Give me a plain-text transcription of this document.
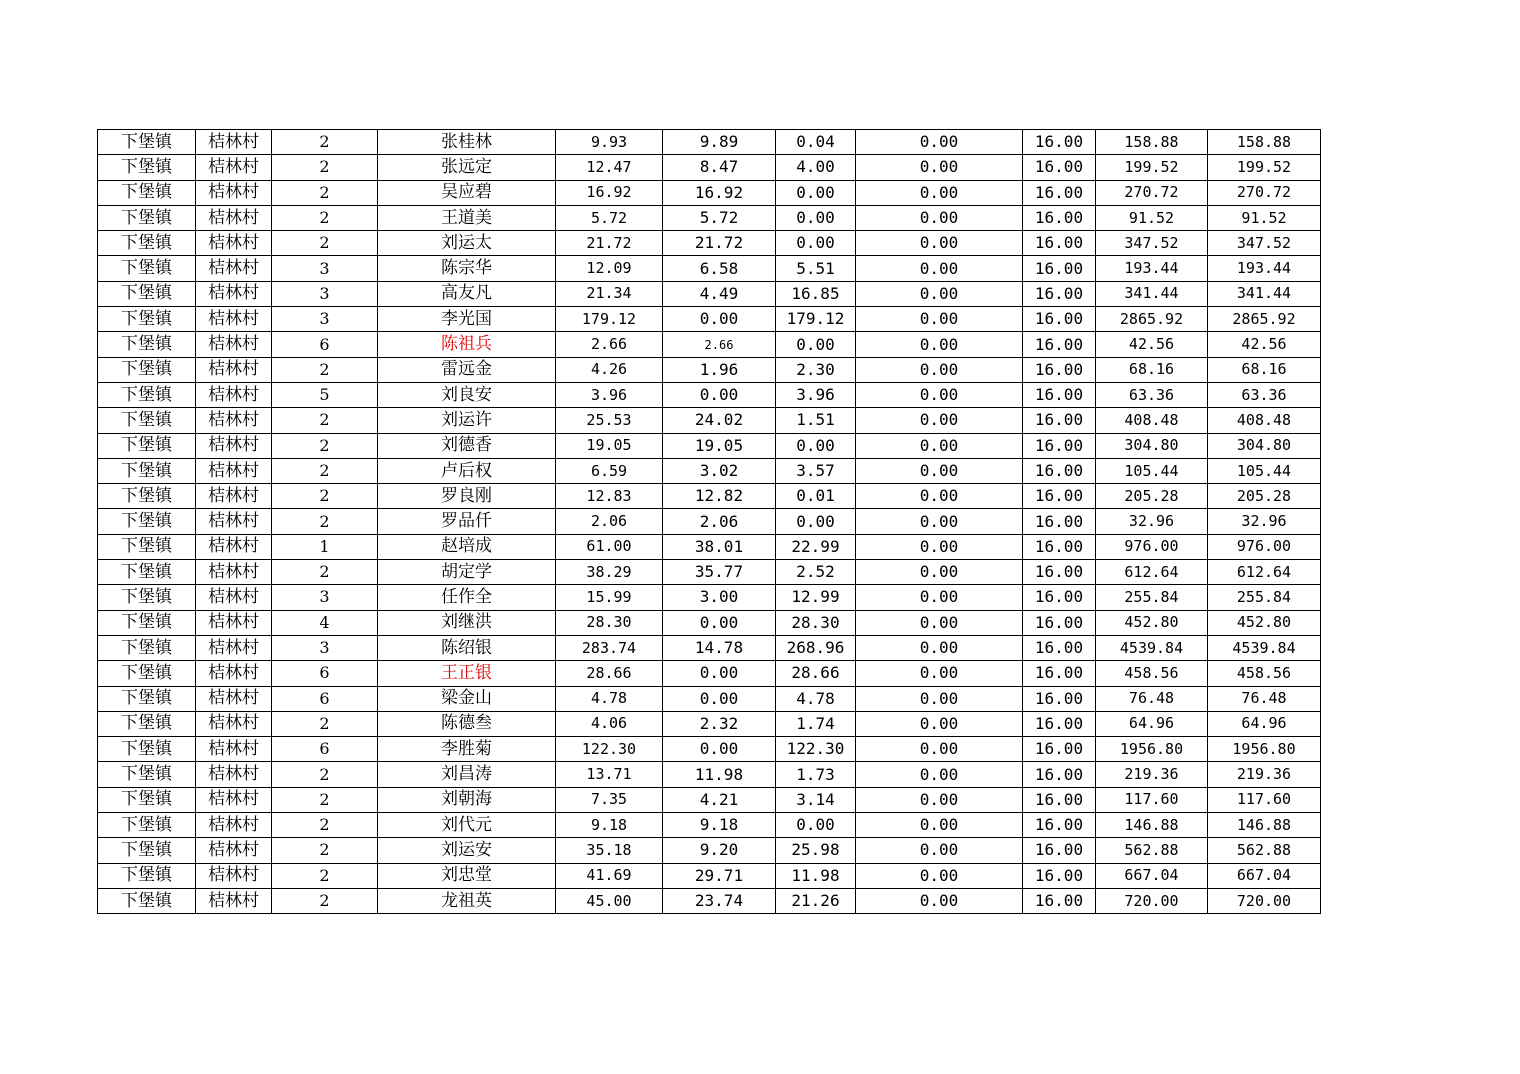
下堡镇	桔林村	2	张桂林	9.93	9.89	0.04	0.00	16.00	158.88	158.88
下堡镇	桔林村	2	张远定	12.47	8.47	4.00	0.00	16.00	199.52	199.52
下堡镇	桔林村	2	吴应碧	16.92	16.92	0.00	0.00	16.00	270.72	270.72
下堡镇	桔林村	2	王道美	5.72	5.72	0.00	0.00	16.00	91.52	91.52
下堡镇	桔林村	2	刘运太	21.72	21.72	0.00	0.00	16.00	347.52	347.52
下堡镇	桔林村	3	陈宗华	12.09	6.58	5.51	0.00	16.00	193.44	193.44
下堡镇	桔林村	3	高友凡	21.34	4.49	16.85	0.00	16.00	341.44	341.44
下堡镇	桔林村	3	李光国	179.12	0.00	179.12	0.00	16.00	2865.92	2865.92
下堡镇	桔林村	6	陈祖兵	2.66	2.66	0.00	0.00	16.00	42.56	42.56
下堡镇	桔林村	2	雷远金	4.26	1.96	2.30	0.00	16.00	68.16	68.16
下堡镇	桔林村	5	刘良安	3.96	0.00	3.96	0.00	16.00	63.36	63.36
下堡镇	桔林村	2	刘运许	25.53	24.02	1.51	0.00	16.00	408.48	408.48
下堡镇	桔林村	2	刘德香	19.05	19.05	0.00	0.00	16.00	304.80	304.80
下堡镇	桔林村	2	卢后权	6.59	3.02	3.57	0.00	16.00	105.44	105.44
下堡镇	桔林村	2	罗良刚	12.83	12.82	0.01	0.00	16.00	205.28	205.28
下堡镇	桔林村	2	罗品仟	2.06	2.06	0.00	0.00	16.00	32.96	32.96
下堡镇	桔林村	1	赵培成	61.00	38.01	22.99	0.00	16.00	976.00	976.00
下堡镇	桔林村	2	胡定学	38.29	35.77	2.52	0.00	16.00	612.64	612.64
下堡镇	桔林村	3	任作全	15.99	3.00	12.99	0.00	16.00	255.84	255.84
下堡镇	桔林村	4	刘继洪	28.30	0.00	28.30	0.00	16.00	452.80	452.80
下堡镇	桔林村	3	陈绍银	283.74	14.78	268.96	0.00	16.00	4539.84	4539.84
下堡镇	桔林村	6	王正银	28.66	0.00	28.66	0.00	16.00	458.56	458.56
下堡镇	桔林村	6	梁金山	4.78	0.00	4.78	0.00	16.00	76.48	76.48
下堡镇	桔林村	2	陈德叁	4.06	2.32	1.74	0.00	16.00	64.96	64.96
下堡镇	桔林村	6	李胜菊	122.30	0.00	122.30	0.00	16.00	1956.80	1956.80
下堡镇	桔林村	2	刘昌涛	13.71	11.98	1.73	0.00	16.00	219.36	219.36
下堡镇	桔林村	2	刘朝海	7.35	4.21	3.14	0.00	16.00	117.60	117.60
下堡镇	桔林村	2	刘代元	9.18	9.18	0.00	0.00	16.00	146.88	146.88
下堡镇	桔林村	2	刘运安	35.18	9.20	25.98	0.00	16.00	562.88	562.88
下堡镇	桔林村	2	刘忠堂	41.69	29.71	11.98	0.00	16.00	667.04	667.04
下堡镇	桔林村	2	龙祖英	45.00	23.74	21.26	0.00	16.00	720.00	720.00
